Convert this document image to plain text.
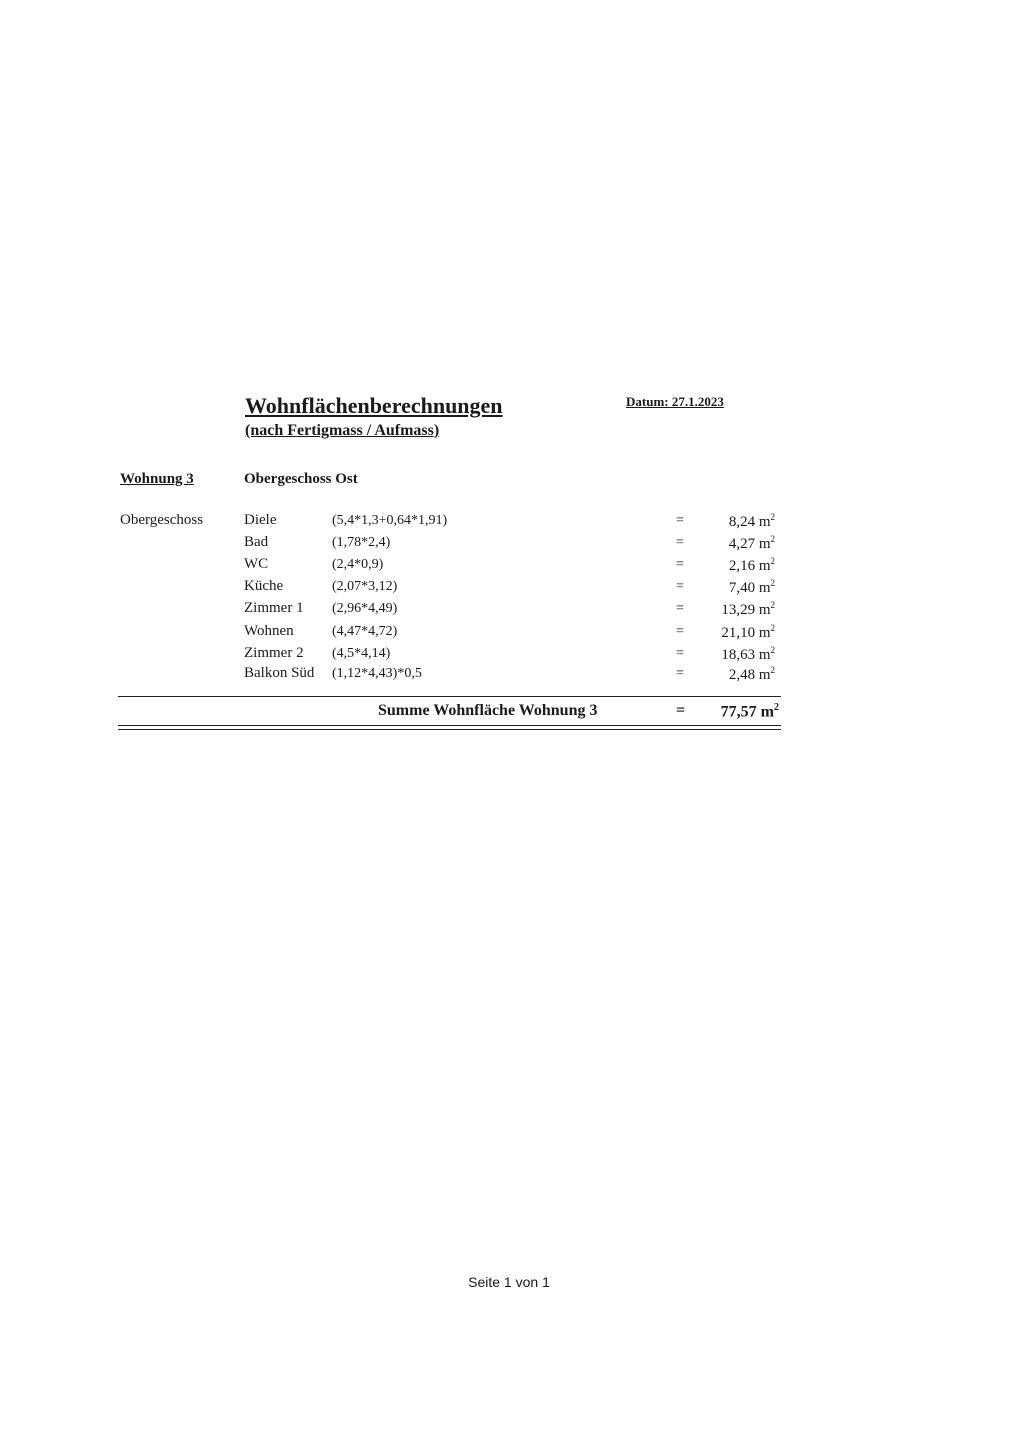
Wohnflächenberechnungen
(nach Fertigmass / Aufmass)
Datum: 27.1.2023
Wohnung 3	Obergeschoss Ost
Obergeschoss	Diele	(5,4*1,3+0,64*1,91)	=	8,24 $m^2$
Bad	(1,78*2,4)	=	4,27 $m^2$
WC	(2,4*0,9)	=	2,16 $m^2$
Küche	(2,07*3,12)	=	7,40 $m^2$
Zimmer 1 (2,96*4,49)	=	13,29 $m^2$
Wohnen	(4,47*4,72)	=	21,10 $m^2$
Zimmer 2 (4,5*4,14)	=	18,63 $m^2$
Balkon Süd (1,12*4,43)*0,5	=	2,48 $m^2$
Summe Wohnfläche Wohnung 3	=	77,57 $m^2$
Seite 1 von 1
